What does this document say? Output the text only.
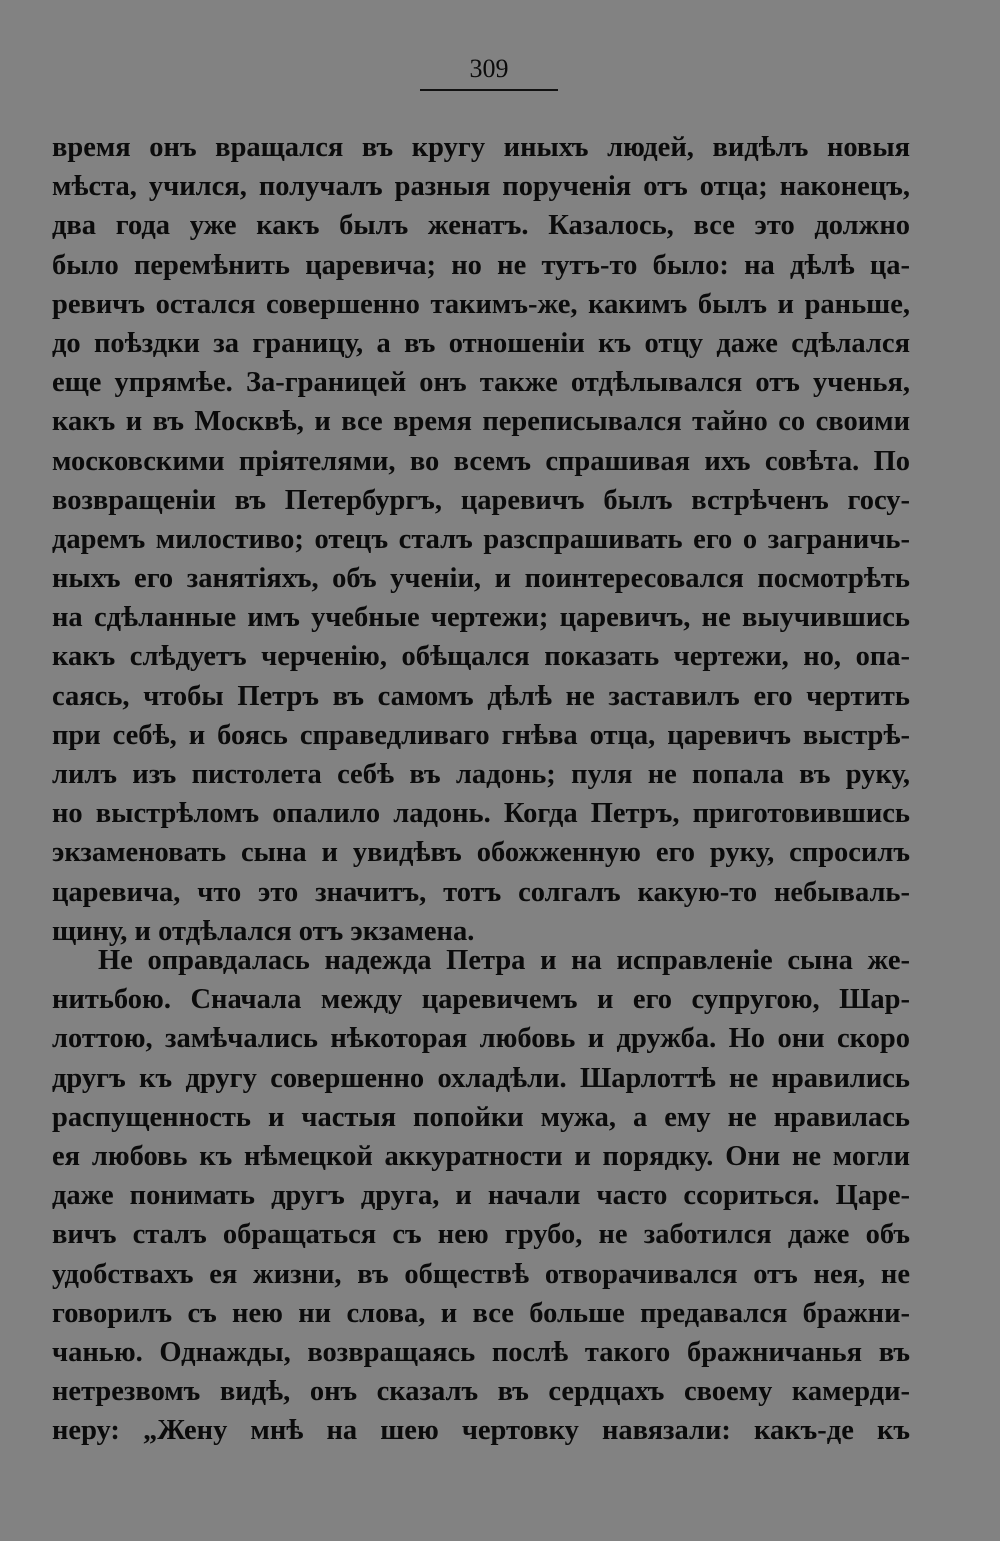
309
время онъ вращался въ кругу иныхъ людей, видѣлъ новыя
мѣста, учился, получалъ разныя порученія отъ отца; наконецъ,
два года уже какъ былъ женатъ. Казалось, все это должно
было перемѣнить царевича; но не тутъ-то было: на дѣлѣ ца-
ревичъ остался совершенно такимъ-же, какимъ былъ и раньше,
до поѣздки за границу, а въ отношеніи къ отцу даже сдѣлался
еще упрямѣе. За-границей онъ также отдѣлывался отъ ученья,
какъ и въ Москвѣ, и все время переписывался тайно со своими
московскими пріятелями, во всемъ спрашивая ихъ совѣта. По
возвращеніи въ Петербургъ, царевичъ былъ встрѣченъ госу-
даремъ милостиво; отецъ сталъ разспрашивать его о заграничь-
ныхъ его занятіяхъ, объ ученіи, и поинтересовался посмотрѣть
на сдѣланные имъ учебные чертежи; царевичъ, не выучившись
какъ слѣдуетъ черченію, обѣщался показать чертежи, но, опа-
саясь, чтобы Петръ въ самомъ дѣлѣ не заставилъ его чертить
при себѣ, и боясь справедливаго гнѣва отца, царевичъ выстрѣ-
лилъ изъ пистолета себѣ въ ладонь; пуля не попала въ руку,
но выстрѣломъ опалило ладонь. Когда Петръ, приготовившись
экзаменовать сына и увидѣвъ обожженную его руку, спросилъ
царевича, что это значитъ, тотъ солгалъ какую-то небываль-
щину, и отдѣлался отъ экзамена.
Не оправдалась надежда Петра и на исправленіе сына же-
нитьбою. Сначала между царевичемъ и его супругою, Шар-
лоттою, замѣчались нѣкоторая любовь и дружба. Но они скоро
другъ къ другу совершенно охладѣли. Шарлоттѣ не нравились
распущенность и частыя попойки мужа, а ему не нравилась
ея любовь къ нѣмецкой аккуратности и порядку. Они не могли
даже понимать другъ друга, и начали часто ссориться. Царе-
вичъ сталъ обращаться съ нею грубо, не заботился даже объ
удобствахъ ея жизни, въ обществѣ отворачивался отъ нея, не
говорилъ съ нею ни слова, и все больше предавался бражни-
чанью. Однажды, возвращаясь послѣ такого бражничанья въ
нетрезвомъ видѣ, онъ сказалъ въ сердцахъ своему камерди-
неру: „Жену мнѣ на шею чертовку навязали: какъ-де къ
